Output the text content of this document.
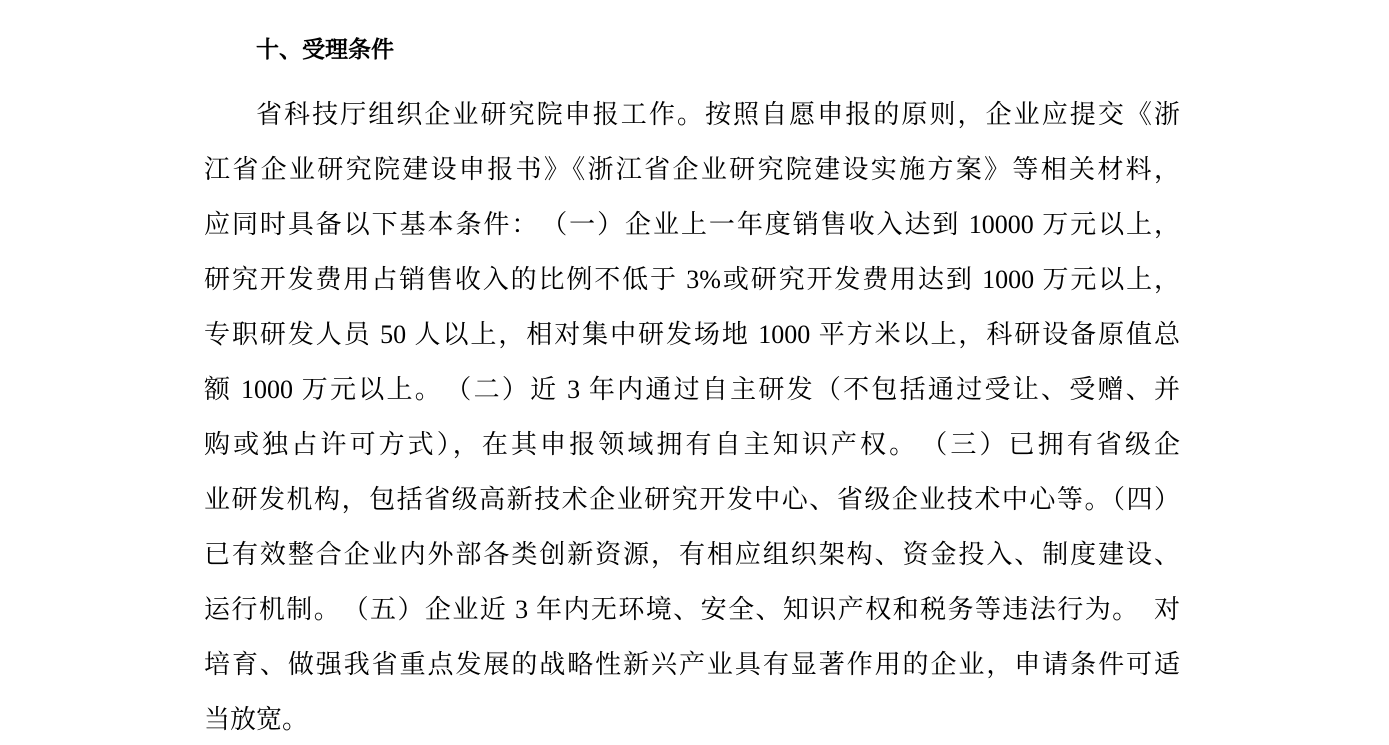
十、受理条件
省科技厅组织企业研究院申报工作。按照自愿申报的原则，企业应提交《浙
江省企业研究院建设申报书》《浙江省企业研究院建设实施方案》等相关材料，
应同时具备以下基本条件：　（一）企业上一年度销售收入达到 10000 万元以上，
研究开发费用占销售收入的比例不低于 3%或研究开发费用达到 1000 万元以上，
专职研发人员 50 人以上，相对集中研发场地 1000 平方米以上，科研设备原值总
额 1000 万元以上。　（二）近 3 年内通过自主研发（不包括通过受让、受赠、并
购或独占许可方式），在其申报领域拥有自主知识产权。　（三）已拥有省级企
业研发机构，包括省级高新技术企业研究开发中心、省级企业技术中心等。（四）
已有效整合企业内外部各类创新资源，有相应组织架构、资金投入、制度建设、
运行机制。　（五）企业近 3 年内无环境、安全、知识产权和税务等违法行为。　对
培育、做强我省重点发展的战略性新兴产业具有显著作用的企业，申请条件可适
当放宽。
